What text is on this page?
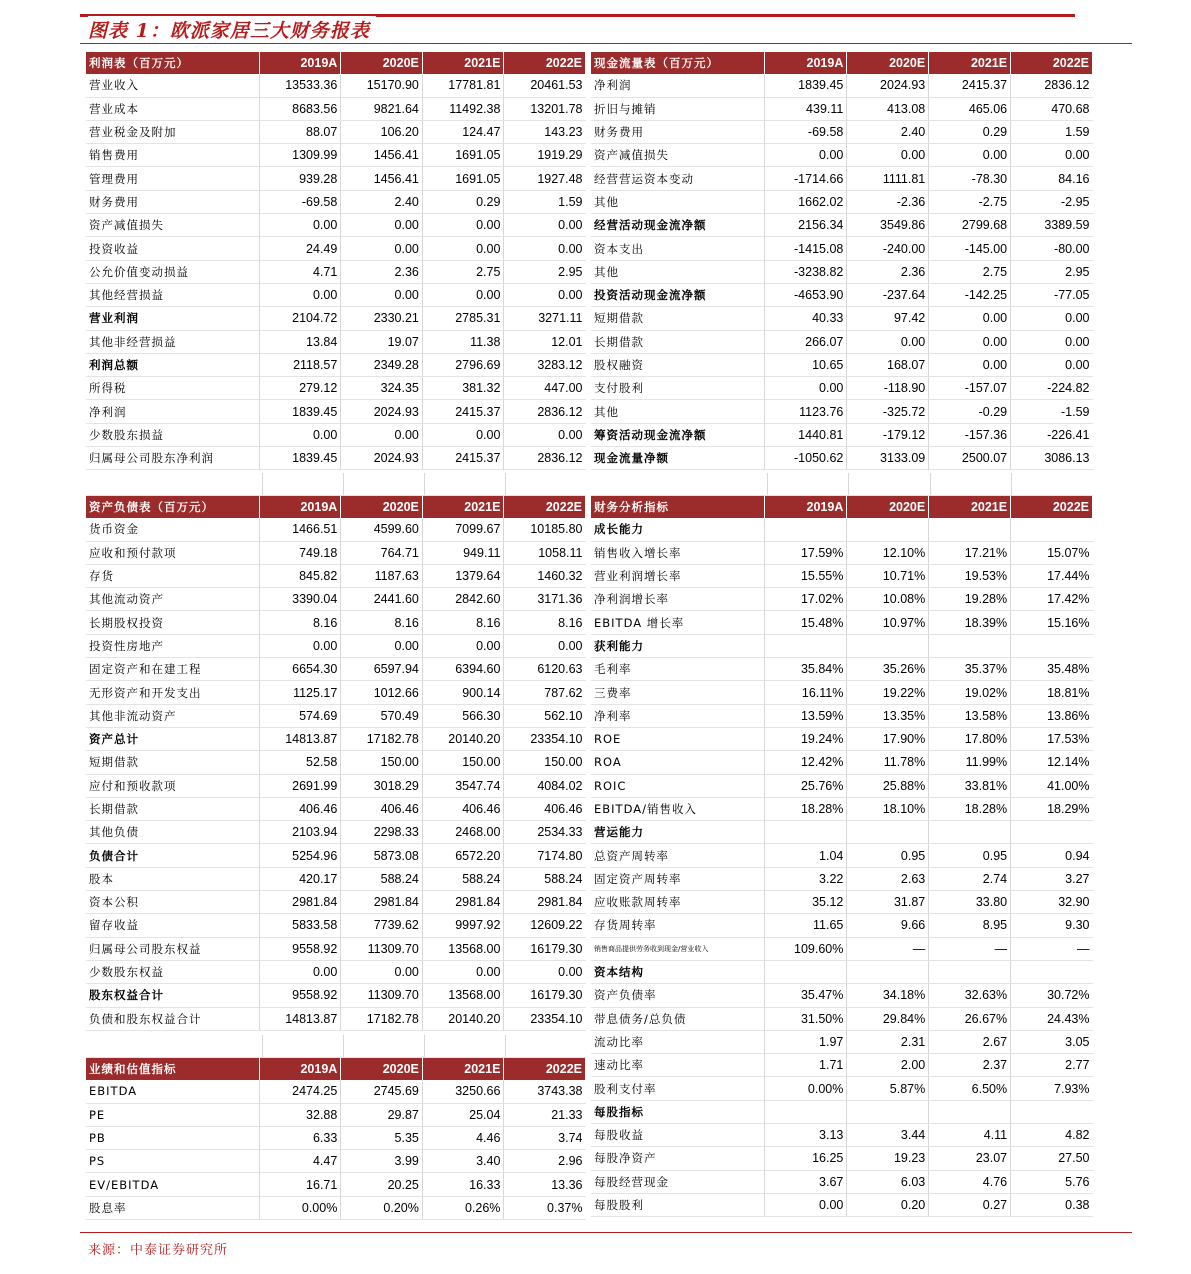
图表 1：欧派家居三大财务报表
利润表（百万元）	2019A	2020E	2021E	2022E
营业收入	13533.36	15170.90	17781.81	20461.53
营业成本	8683.56	9821.64	11492.38	13201.78
营业税金及附加	88.07	106.20	124.47	143.23
销售费用	1309.99	1456.41	1691.05	1919.29
管理费用	939.28	1456.41	1691.05	1927.48
财务费用	-69.58	2.40	0.29	1.59
资产减值损失	0.00	0.00	0.00	0.00
投资收益	24.49	0.00	0.00	0.00
公允价值变动损益	4.71	2.36	2.75	2.95
其他经营损益	0.00	0.00	0.00	0.00
营业利润	2104.72	2330.21	2785.31	3271.11
其他非经营损益	13.84	19.07	11.38	12.01
利润总额	2118.57	2349.28	2796.69	3283.12
所得税	279.12	324.35	381.32	447.00
净利润	1839.45	2024.93	2415.37	2836.12
少数股东损益	0.00	0.00	0.00	0.00
归属母公司股东净利润	1839.45	2024.93	2415.37	2836.12

资产负债表（百万元）	2019A	2020E	2021E	2022E
货币资金	1466.51	4599.60	7099.67	10185.80
应收和预付款项	749.18	764.71	949.11	1058.11
存货	845.82	1187.63	1379.64	1460.32
其他流动资产	3390.04	2441.60	2842.60	3171.36
长期股权投资	8.16	8.16	8.16	8.16
投资性房地产	0.00	0.00	0.00	0.00
固定资产和在建工程	6654.30	6597.94	6394.60	6120.63
无形资产和开发支出	1125.17	1012.66	900.14	787.62
其他非流动资产	574.69	570.49	566.30	562.10
资产总计	14813.87	17182.78	20140.20	23354.10
短期借款	52.58	150.00	150.00	150.00
应付和预收款项	2691.99	3018.29	3547.74	4084.02
长期借款	406.46	406.46	406.46	406.46
其他负债	2103.94	2298.33	2468.00	2534.33
负债合计	5254.96	5873.08	6572.20	7174.80
股本	420.17	588.24	588.24	588.24
资本公积	2981.84	2981.84	2981.84	2981.84
留存收益	5833.58	7739.62	9997.92	12609.22
归属母公司股东权益	9558.92	11309.70	13568.00	16179.30
少数股东权益	0.00	0.00	0.00	0.00
股东权益合计	9558.92	11309.70	13568.00	16179.30
负债和股东权益合计	14813.87	17182.78	20140.20	23354.10

业绩和估值指标	2019A	2020E	2021E	2022E
EBITDA	2474.25	2745.69	3250.66	3743.38
PE	32.88	29.87	25.04	21.33
PB	6.33	5.35	4.46	3.74
PS	4.47	3.99	3.40	2.96
EV/EBITDA	16.71	20.25	16.33	13.36
股息率	0.00%	0.20%	0.26%	0.37%
现金流量表（百万元）	2019A	2020E	2021E	2022E
净利润	1839.45	2024.93	2415.37	2836.12
折旧与摊销	439.11	413.08	465.06	470.68
财务费用	-69.58	2.40	0.29	1.59
资产减值损失	0.00	0.00	0.00	0.00
经营营运资本变动	-1714.66	1111.81	-78.30	84.16
其他	1662.02	-2.36	-2.75	-2.95
经营活动现金流净额	2156.34	3549.86	2799.68	3389.59
资本支出	-1415.08	-240.00	-145.00	-80.00
其他	-3238.82	2.36	2.75	2.95
投资活动现金流净额	-4653.90	-237.64	-142.25	-77.05
短期借款	40.33	97.42	0.00	0.00
长期借款	266.07	0.00	0.00	0.00
股权融资	10.65	168.07	0.00	0.00
支付股利	0.00	-118.90	-157.07	-224.82
其他	1123.76	-325.72	-0.29	-1.59
筹资活动现金流净额	1440.81	-179.12	-157.36	-226.41
现金流量净额	-1050.62	3133.09	2500.07	3086.13

财务分析指标	2019A	2020E	2021E	2022E
成长能力				
销售收入增长率	17.59%	12.10%	17.21%	15.07%
营业利润增长率	15.55%	10.71%	19.53%	17.44%
净利润增长率	17.02%	10.08%	19.28%	17.42%
EBITDA 增长率	15.48%	10.97%	18.39%	15.16%
获利能力				
毛利率	35.84%	35.26%	35.37%	35.48%
三费率	16.11%	19.22%	19.02%	18.81%
净利率	13.59%	13.35%	13.58%	13.86%
ROE	19.24%	17.90%	17.80%	17.53%
ROA	12.42%	11.78%	11.99%	12.14%
ROIC	25.76%	25.88%	33.81%	41.00%
EBITDA/销售收入	18.28%	18.10%	18.28%	18.29%
营运能力				
总资产周转率	1.04	0.95	0.95	0.94
固定资产周转率	3.22	2.63	2.74	3.27
应收账款周转率	35.12	31.87	33.80	32.90
存货周转率	11.65	9.66	8.95	9.30
销售商品提供劳务收到现金/营业收入	109.60%	—	—	—
资本结构				
资产负债率	35.47%	34.18%	32.63%	30.72%
带息债务/总负债	31.50%	29.84%	26.67%	24.43%
流动比率	1.97	2.31	2.67	3.05
速动比率	1.71	2.00	2.37	2.77
股利支付率	0.00%	5.87%	6.50%	7.93%
每股指标				
每股收益	3.13	3.44	4.11	4.82
每股净资产	16.25	19.23	23.07	27.50
每股经营现金	3.67	6.03	4.76	5.76
每股股利	0.00	0.20	0.27	0.38
来源：中泰证券研究所
